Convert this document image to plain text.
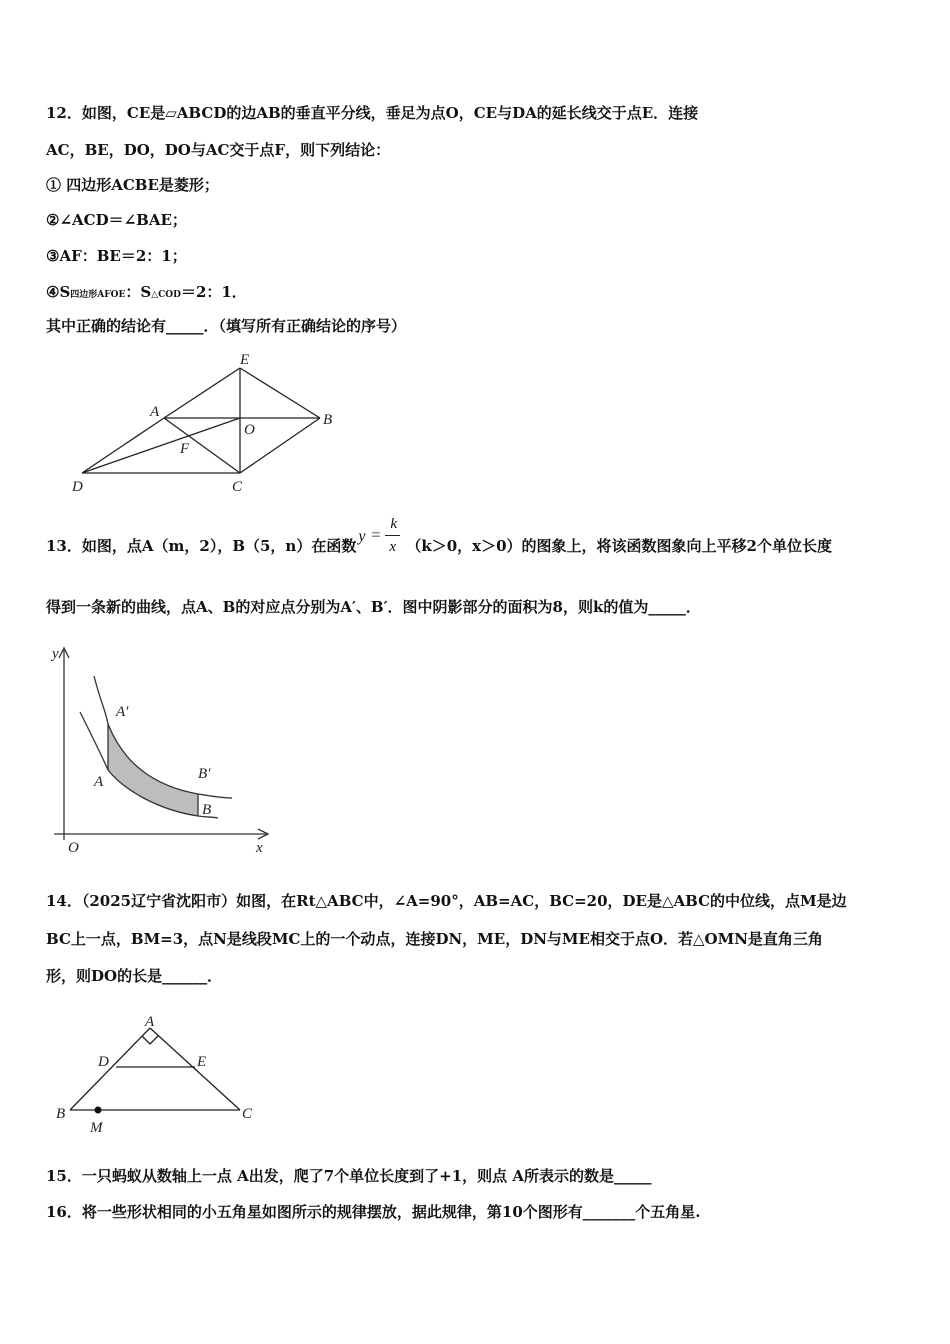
12．如图，CE是▱ABCD的边AB的垂直平分线，垂足为点O，CE与DA的延长线交于点E．连接
AC，BE，DO，DO与AC交于点F，则下列结论：
① 四边形ACBE是菱形；
②∠ACD＝∠BAE；
③AF：BE＝2：1；
④S四边形AFOE：S△COD＝2：1．
其中正确的结论有_____．（填写所有正确结论的序号）
E
A
O
B
F
D	C
13．如图，点A（m，2），B（5，n）在函数
y =
k
x （k＞0，x＞0）的图象上，将该函数图象向上平移2个单位长度
得到一条新的曲线，点A、B的对应点分别为A′、B′．图中阴影部分的面积为8，则k的值为_____．
y
x
O
A′
A	B′
B
14．（2025辽宁省沈阳市）如图，在Rt△ABC中，∠A=90°，AB=AC，BC=20，DE是△ABC的中位线，点M是边
BC上一点，BM=3，点N是线段MC上的一个动点，连接DN，ME，DN与ME相交于点O．若△OMN是直角三角
形，则DO的长是______．
A
D	E
B	C
M
15．一只蚂蚁从数轴上一点 A出发，爬了7个单位长度到了+1，则点 A所表示的数是_____
16．将一些形状相同的小五角星如图所示的规律摆放，据此规律，第10个图形有_______个五角星.
